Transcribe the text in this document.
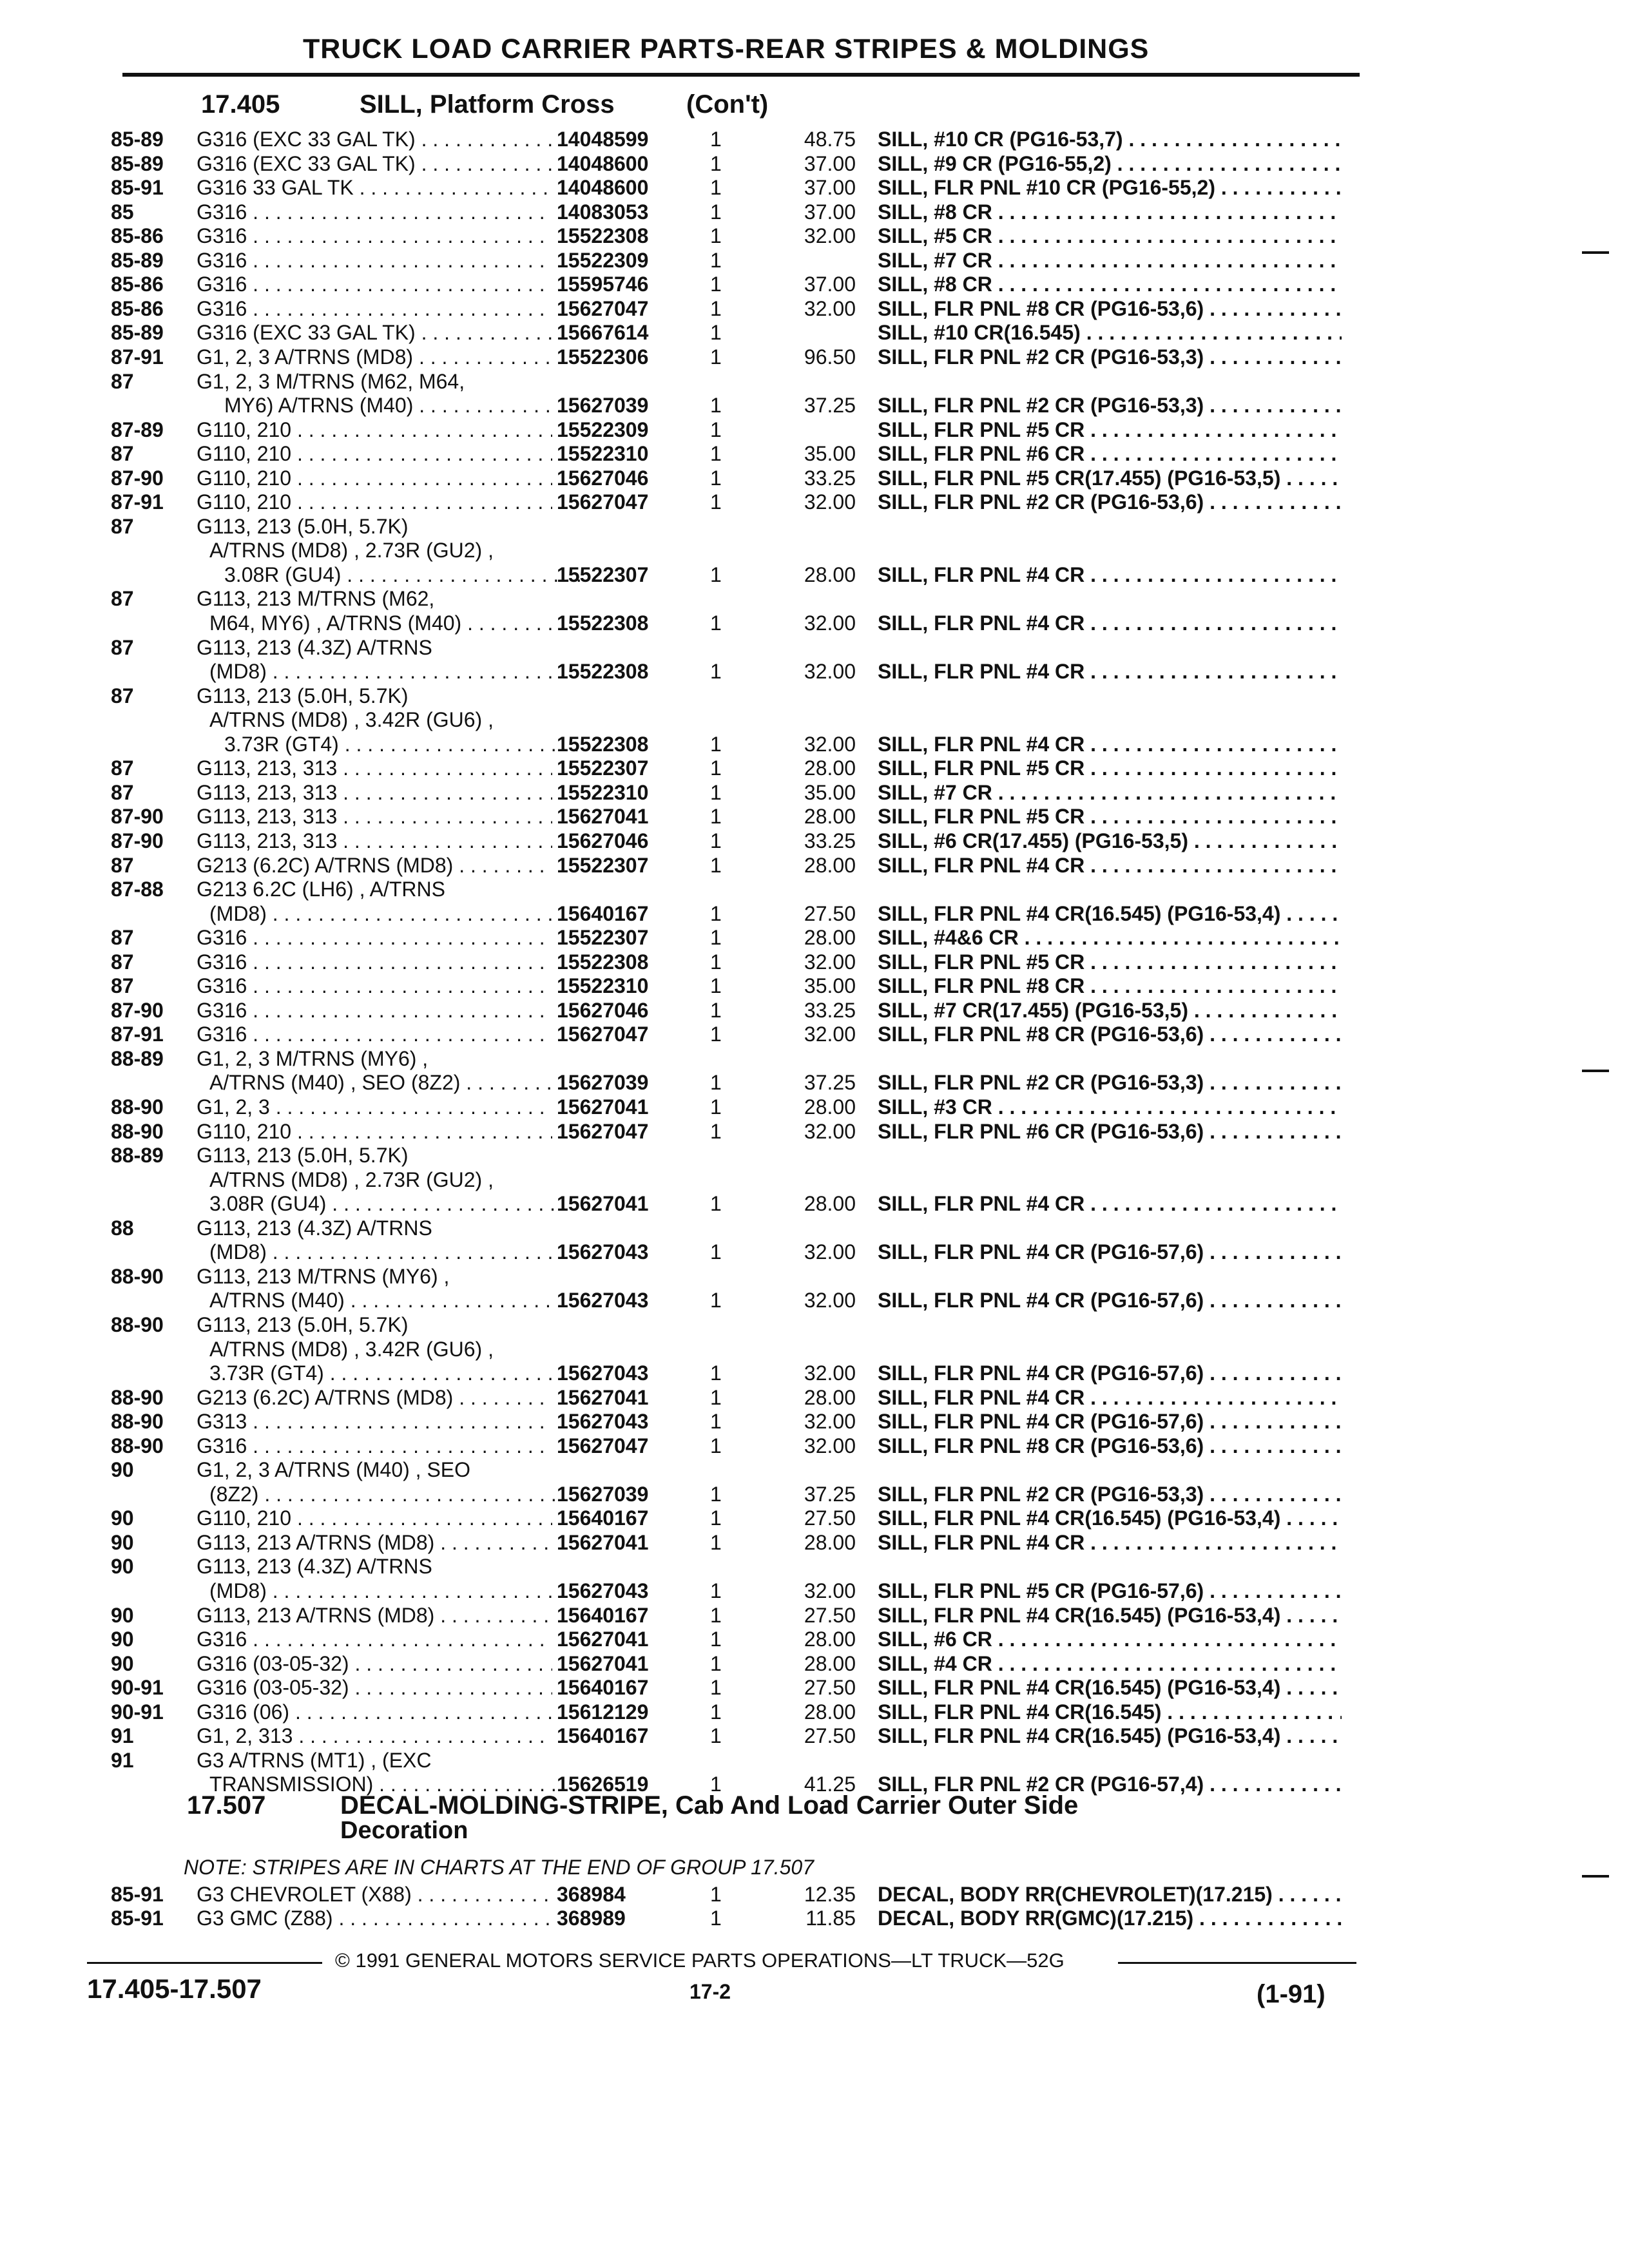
TRUCK LOAD CARRIER PARTS-REAR STRIPES & MOLDINGS
17.405	SILL, Platform Cross	(Con't)
85-89 G316 (EXC 33 GAL TK) . . .	14048599	1	48.75 SILL, #10 CR (PG16-53,7) . . .
85-89 G316 (EXC 33 GAL TK) . . .	14048600	1	37.00 SILL, #9 CR (PG16-55,2) . . .
85-91 G316 33 GAL TK . . .	14048600	1	37.00 SILL, FLR PNL #10 CR (PG16-55,2) . . .
85	G316 . . .	14083053	1	37.00 SILL, #8 CR . . .
85-86 G316 . . .	15522308	1	32.00 SILL, #5 CR . . .
85-89 G316 . . .	15522309	1	SILL, #7 CR . . .
85-86 G316 . . .	15595746	1	37.00 SILL, #8 CR . . .
85-86 G316 . . .	15627047	1	32.00 SILL, FLR PNL #8 CR (PG16-53,6) . . .
85-89 G316 (EXC 33 GAL TK) . . .	15667614	1	SILL, #10 CR(16.545) . . .
87-91 G1, 2, 3 A/TRNS (MD8) . . .	15522306	1	96.50 SILL, FLR PNL #2 CR (PG16-53,3) . . .
87	G1, 2, 3 M/TRNS (M62, M64,
MY6) A/TRNS (M40) . . .	15627039	1	37.25 SILL, FLR PNL #2 CR (PG16-53,3) . . .
87-89 G110, 210 . . .	15522309	1	SILL, FLR PNL #5 CR . . .
87	G110, 210 . . .	15522310	1	35.00 SILL, FLR PNL #6 CR . . .
87-90 G110, 210 . . .	15627046	1	33.25 SILL, FLR PNL #5 CR(17.455) (PG16-53,5) . . .
87-91 G110, 210 . . .	15627047	1	32.00 SILL, FLR PNL #2 CR (PG16-53,6) . . .
87	G113, 213 (5.0H, 5.7K)
A/TRNS (MD8) , 2.73R (GU2) ,
3.08R (GU4) . . .	15522307	1	28.00 SILL, FLR PNL #4 CR . . .
87	G113, 213 M/TRNS (M62,
M64, MY6) , A/TRNS (M40) . . .	15522308	1	32.00 SILL, FLR PNL #4 CR . . .
87	G113, 213 (4.3Z) A/TRNS
(MD8) . . .	15522308	1	32.00 SILL, FLR PNL #4 CR . . .
87	G113, 213 (5.0H, 5.7K)
A/TRNS (MD8) , 3.42R (GU6) ,
3.73R (GT4) . . .	15522308	1	32.00 SILL, FLR PNL #4 CR . . .
87	G113, 213, 313 . . .	15522307	1	28.00 SILL, FLR PNL #5 CR . . .
87	G113, 213, 313 . . .	15522310	1	35.00 SILL, #7 CR . . .
87-90 G113, 213, 313 . . .	15627041	1	28.00 SILL, FLR PNL #5 CR . . .
87-90 G113, 213, 313 . . .	15627046	1	33.25 SILL, #6 CR(17.455) (PG16-53,5) . . .
87	G213 (6.2C) A/TRNS (MD8) . . .	15522307	1	28.00 SILL, FLR PNL #4 CR . . .
87-88 G213 6.2C (LH6) , A/TRNS
(MD8) . . .	15640167	1	27.50 SILL, FLR PNL #4 CR(16.545) (PG16-53,4) . . .
87	G316 . . .	15522307	1	28.00 SILL, #4&6 CR . . .
87	G316 . . .	15522308	1	32.00 SILL, FLR PNL #5 CR . . .
87	G316 . . .	15522310	1	35.00 SILL, FLR PNL #8 CR . . .
87-90 G316 . . .	15627046	1	33.25 SILL, #7 CR(17.455) (PG16-53,5) . . .
87-91 G316 . . .	15627047	1	32.00 SILL, FLR PNL #8 CR (PG16-53,6) . . .
88-89 G1, 2, 3 M/TRNS (MY6) ,
A/TRNS (M40) , SEO (8Z2) . . .	15627039	1	37.25 SILL, FLR PNL #2 CR (PG16-53,3) . . .
88-90 G1, 2, 3 . . .	15627041	1	28.00 SILL, #3 CR . . .
88-90 G110, 210 . . .	15627047	1	32.00 SILL, FLR PNL #6 CR (PG16-53,6) . . .
88-89 G113, 213 (5.0H, 5.7K)
A/TRNS (MD8) , 2.73R (GU2) ,
3.08R (GU4) . . .	15627041	1	28.00 SILL, FLR PNL #4 CR . . .
88	G113, 213 (4.3Z) A/TRNS
(MD8) . . .	15627043	1	32.00 SILL, FLR PNL #4 CR (PG16-57,6) . . .
88-90 G113, 213 M/TRNS (MY6) ,
A/TRNS (M40) . . .	15627043	1	32.00 SILL, FLR PNL #4 CR (PG16-57,6) . . .
88-90 G113, 213 (5.0H, 5.7K)
A/TRNS (MD8) , 3.42R (GU6) ,
3.73R (GT4) . . .	15627043	1	32.00 SILL, FLR PNL #4 CR (PG16-57,6) . . .
88-90 G213 (6.2C) A/TRNS (MD8) . . .	15627041	1	28.00 SILL, FLR PNL #4 CR . . .
88-90 G313 . . .	15627043	1	32.00 SILL, FLR PNL #4 CR (PG16-57,6) . . .
88-90 G316 . . .	15627047	1	32.00 SILL, FLR PNL #8 CR (PG16-53,6) . . .
90	G1, 2, 3 A/TRNS (M40) , SEO
(8Z2) . . .	15627039	1	37.25 SILL, FLR PNL #2 CR (PG16-53,3) . . .
90	G110, 210 . . .	15640167	1	27.50 SILL, FLR PNL #4 CR(16.545) (PG16-53,4) . . .
90	G113, 213 A/TRNS (MD8) . . .	15627041	1	28.00 SILL, FLR PNL #4 CR . . .
90	G113, 213 (4.3Z) A/TRNS
(MD8) . . .	15627043	1	32.00 SILL, FLR PNL #5 CR (PG16-57,6) . . .
90	G113, 213 A/TRNS (MD8) . . .	15640167	1	27.50 SILL, FLR PNL #4 CR(16.545) (PG16-53,4) . . .
90	G316 . . .	15627041	1	28.00 SILL, #6 CR . . .
90	G316 (03-05-32) . . .	15627041	1	28.00 SILL, #4 CR . . .
90-91 G316 (03-05-32) . . .	15640167	1	27.50 SILL, FLR PNL #4 CR(16.545) (PG16-53,4) . . .
90-91 G316 (06) . . .	15612129	1	28.00 SILL, FLR PNL #4 CR(16.545) . . .
91	G1, 2, 313 . . .	15640167	1	27.50 SILL, FLR PNL #4 CR(16.545) (PG16-53,4) . . .
91	G3 A/TRNS (MT1) , (EXC
TRANSMISSION) . . .	15626519	1	41.25 SILL, FLR PNL #2 CR (PG16-57,4) . . .
17.507	DECAL-MOLDING-STRIPE, Cab And Load Carrier Outer Side
Decoration
NOTE: STRIPES ARE IN CHARTS AT THE END OF GROUP 17.507
85-91 G3 CHEVROLET (X88) . . .	368984	1	12.35 DECAL, BODY RR(CHEVROLET)(17.215) . . .
85-91 G3 GMC (Z88) . . .	368989	1	11.85 DECAL, BODY RR(GMC)(17.215) . . .
© 1991 GENERAL MOTORS SERVICE PARTS OPERATIONS—LT TRUCK—52G
17.405-17.507	17-2	(1-91)
